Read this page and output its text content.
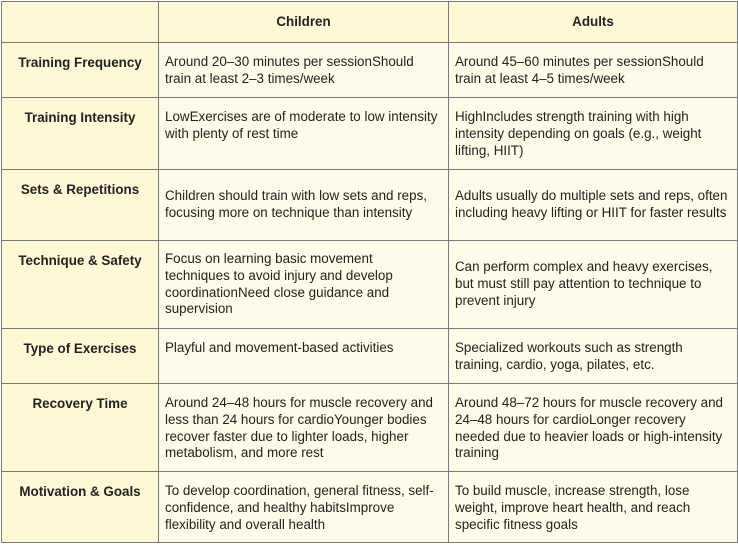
	Children	Adults
Training Frequency	Around 20–30 minutes per sessionShould train at least 2–3 times/week	Around 45–60 minutes per sessionShould train at least 4–5 times/week
Training Intensity	LowExercises are of moderate to low intensity with plenty of rest time	HighIncludes strength training with high intensity depending on goals (e.g., weight lifting, HIIT)
Sets & Repetitions	Children should train with low sets and reps, focusing more on technique than intensity	Adults usually do multiple sets and reps, often including heavy lifting or HIIT for faster results
Technique & Safety	Focus on learning basic movement techniques to avoid injury and develop coordinationNeed close guidance and supervision	Can perform complex and heavy exercises, but must still pay attention to technique to prevent injury
Type of Exercises	Playful and movement-based activities	Specialized workouts such as strength training, cardio, yoga, pilates, etc.
Recovery Time	Around 24–48 hours for muscle recovery and less than 24 hours for cardioYounger bodies recover faster due to lighter loads, higher metabolism, and more rest	Around 48–72 hours for muscle recovery and 24–48 hours for cardioLonger recovery needed due to heavier loads or high-intensity training
Motivation & Goals	To develop coordination, general fitness, self-confidence, and healthy habitsImprove flexibility and overall health	To build muscle, increase strength, lose weight, improve heart health, and reach specific fitness goals
